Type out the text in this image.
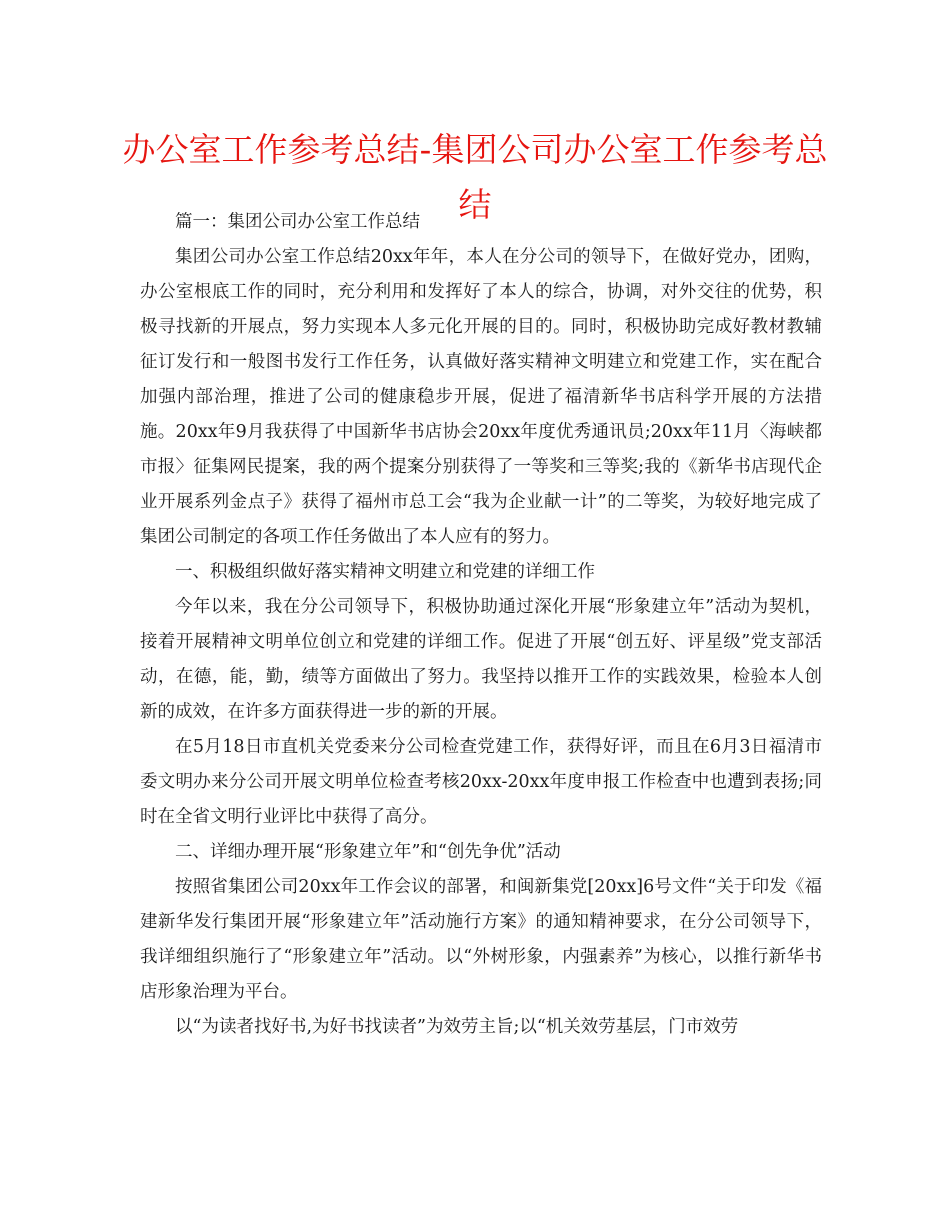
办公室工作参考总结-集团公司办公室工作参考总结

篇一：集团公司办公室工作总结

集团公司办公室工作总结20xx年年，本人在分公司的领导下，在做好党办，团购，办公室根底工作的同时，充分利用和发挥好了本人的综合，协调，对外交往的优势，积极寻找新的开展点，努力实现本人多元化开展的目的。同时，积极协助完成好教材教辅征订发行和一般图书发行工作任务，认真做好落实精神文明建立和党建工作，实在配合加强内部治理，推进了公司的健康稳步开展，促进了福清新华书店科学开展的方法措施。20xx年9月我获得了中国新华书店协会20xx年度优秀通讯员;20xx年11月〈海峡都市报〉征集网民提案，我的两个提案分别获得了一等奖和三等奖;我的《新华书店现代企业开展系列金点子》获得了福州市总工会“我为企业献一计”的二等奖，为较好地完成了集团公司制定的各项工作任务做出了本人应有的努力。

一、积极组织做好落实精神文明建立和党建的详细工作

今年以来，我在分公司领导下，积极协助通过深化开展“形象建立年”活动为契机，接着开展精神文明单位创立和党建的详细工作。促进了开展“创五好、评星级”党支部活动，在德，能，勤，绩等方面做出了努力。我坚持以推开工作的实践效果，检验本人创新的成效，在许多方面获得进一步的新的开展。

在5月18日市直机关党委来分公司检查党建工作，获得好评，而且在6月3日福清市委文明办来分公司开展文明单位检查考核20xx-20xx年度申报工作检查中也遭到表扬;同时在全省文明行业评比中获得了高分。

二、详细办理开展“形象建立年”和“创先争优”活动

按照省集团公司20xx年工作会议的部署，和闽新集党[20xx]6号文件“关于印发《福建新华发行集团开展“形象建立年”活动施行方案》的通知精神要求，在分公司领导下，我详细组织施行了“形象建立年”活动。以“外树形象，内强素养”为核心，以推行新华书店形象治理为平台。

以“为读者找好书,为好书找读者”为效劳主旨;以“机关效劳基层，门市效劳
